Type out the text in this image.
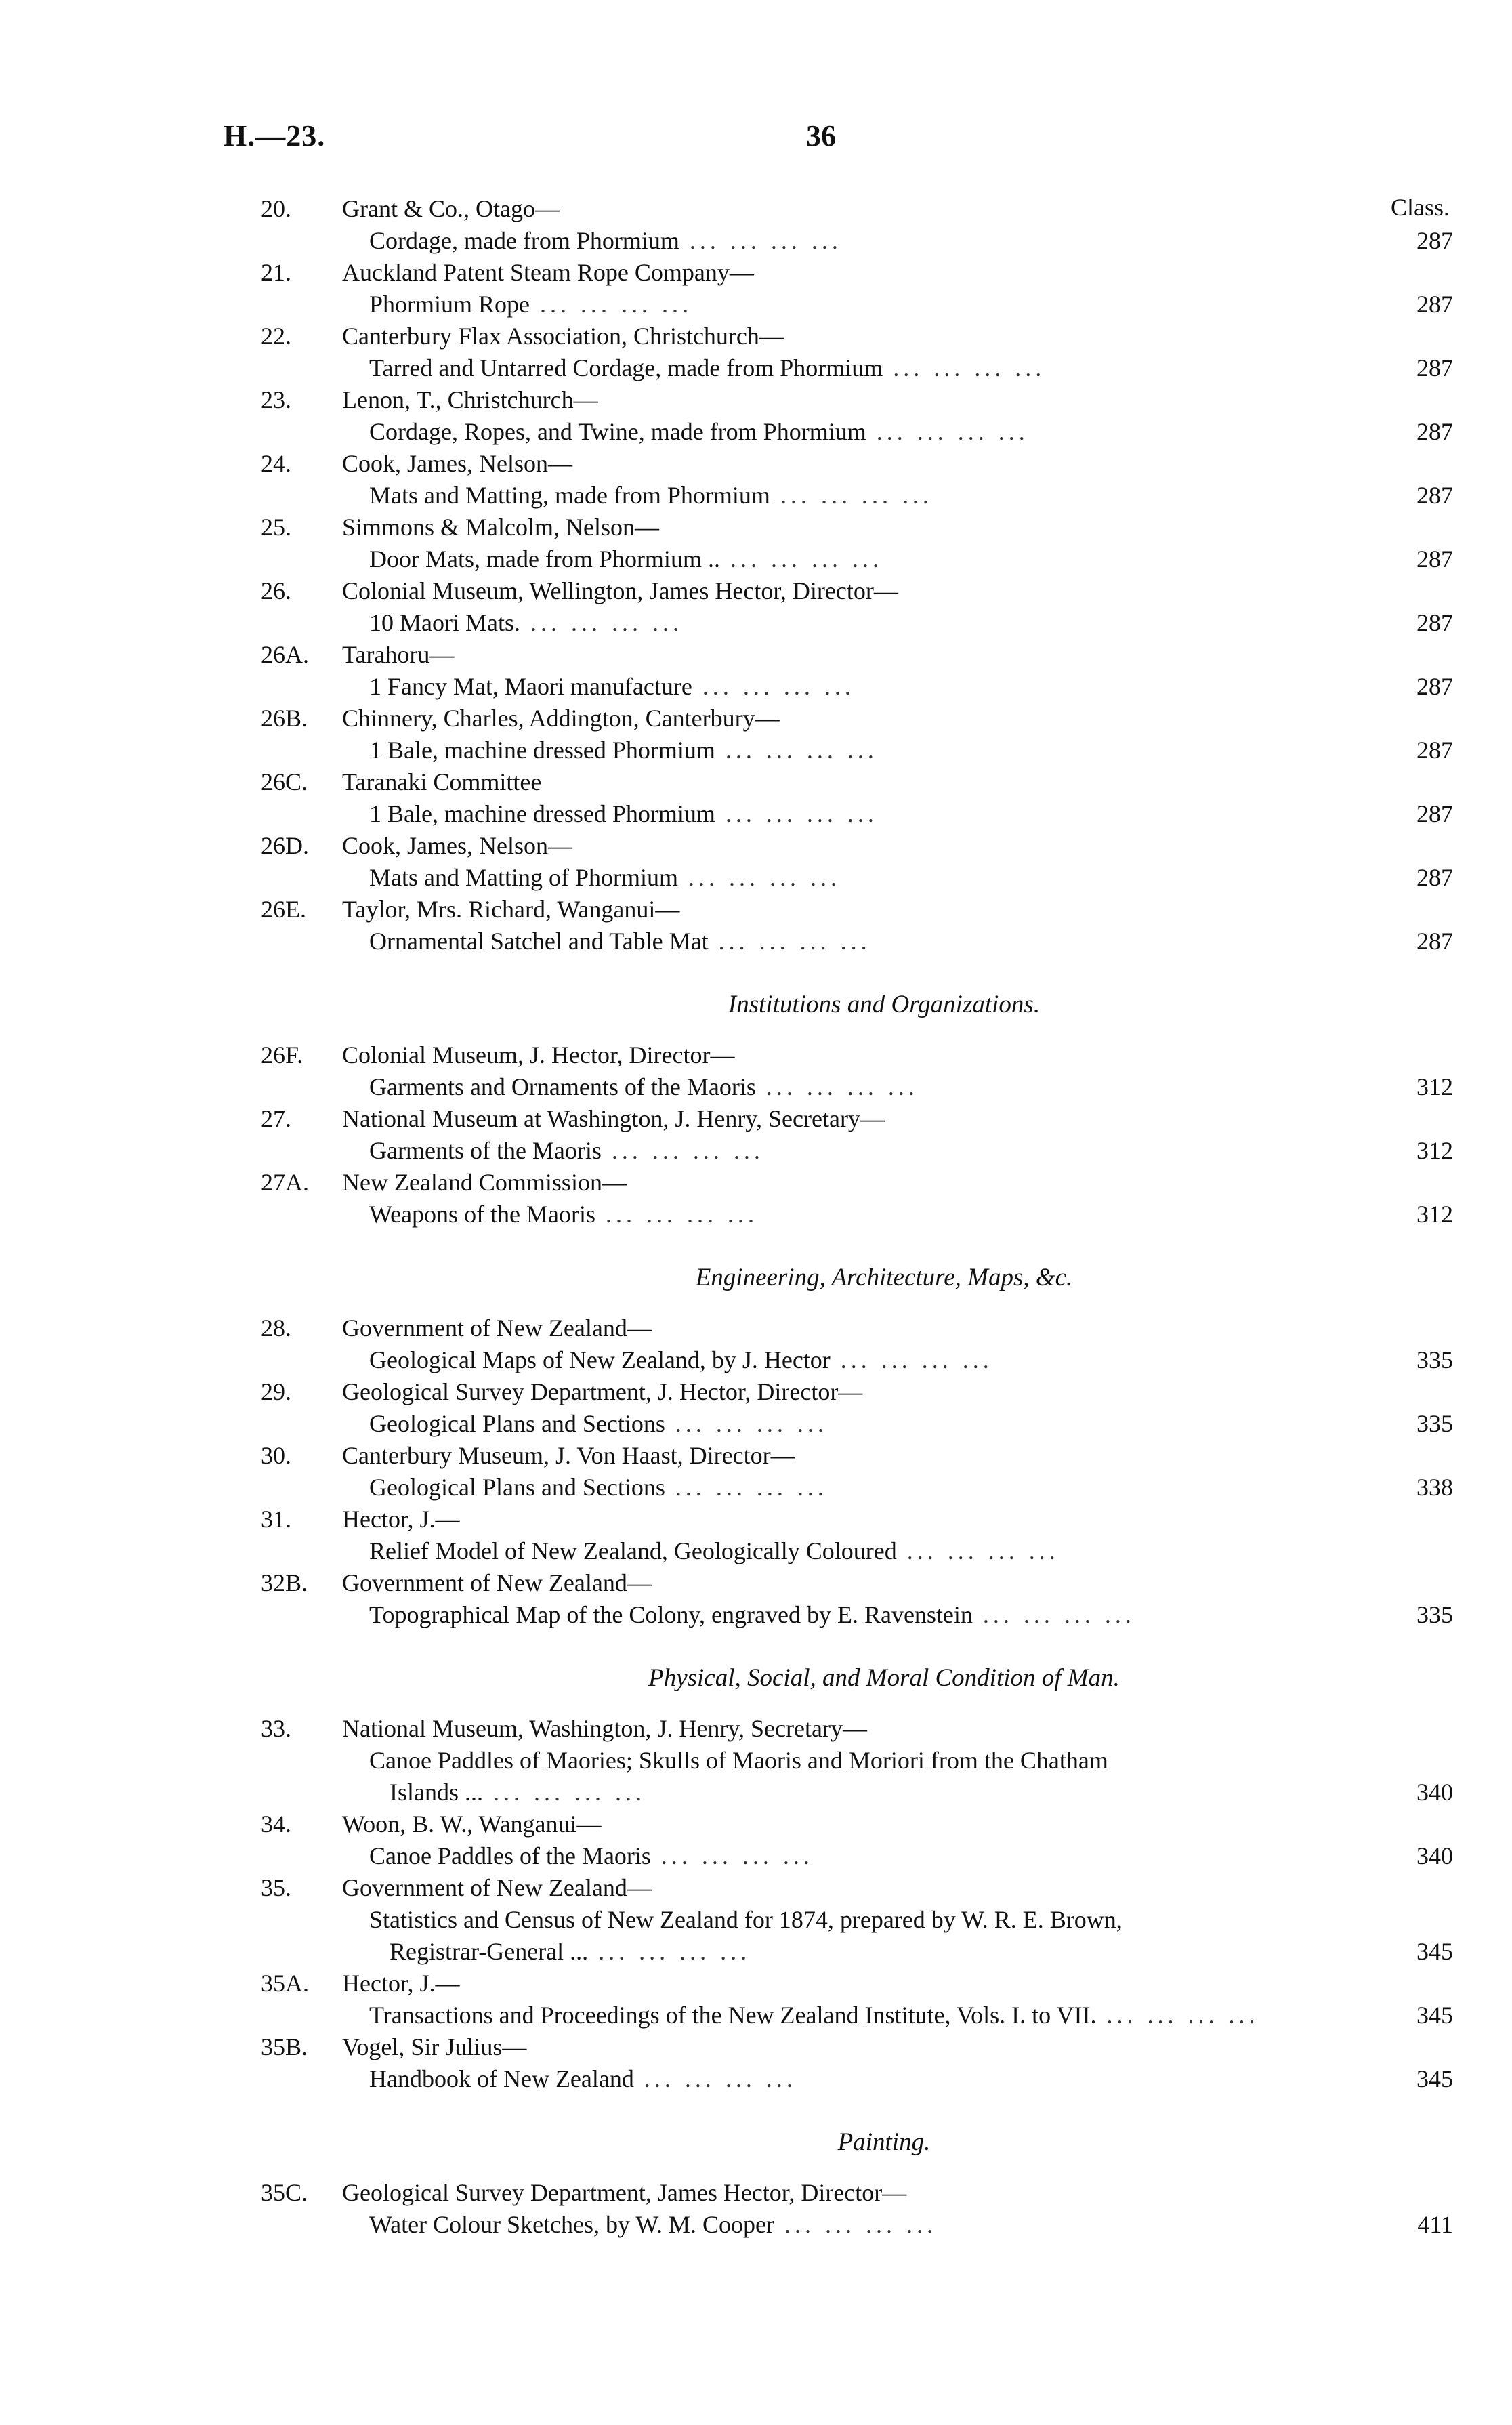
H.—23.	36
Class.
20. Grant & Co., Otago—
Cordage, made from Phormium ... ... ... ...	287
21. Auckland Patent Steam Rope Company—
Phormium Rope ... ... ... ...	287
22. Canterbury Flax Association, Christchurch—
Tarred and Untarred Cordage, made from Phormium ... ... ... ...	287
23. Lenon, T., Christchurch—
Cordage, Ropes, and Twine, made from Phormium ... ... ... ...	287
24. Cook, James, Nelson—
Mats and Matting, made from Phormium ... ... ... ...	287
25. Simmons & Malcolm, Nelson—
Door Mats, made from Phormium .. ... ... ... ...	287
26. Colonial Museum, Wellington, James Hector, Director—
10 Maori Mats. ... ... ... ...	287
26A. Tarahoru—
1 Fancy Mat, Maori manufacture ... ... ... ...	287
26B. Chinnery, Charles, Addington, Canterbury—
1 Bale, machine dressed Phormium ... ... ... ...	287
26C. Taranaki Committee
1 Bale, machine dressed Phormium ... ... ... ...	287
26D. Cook, James, Nelson—
Mats and Matting of Phormium ... ... ... ...	287
26E. Taylor, Mrs. Richard, Wanganui—
Ornamental Satchel and Table Mat ... ... ... ...	287
Institutions and Organizations.
26F. Colonial Museum, J. Hector, Director—
Garments and Ornaments of the Maoris ... ... ... ...	312
27. National Museum at Washington, J. Henry, Secretary—
Garments of the Maoris ... ... ... ...	312
27A. New Zealand Commission—
Weapons of the Maoris ... ... ... ...	312
Engineering, Architecture, Maps, &c.
28. Government of New Zealand—
Geological Maps of New Zealand, by J. Hector ... ... ... ...	335
29. Geological Survey Department, J. Hector, Director—
Geological Plans and Sections ... ... ... ...	335
30. Canterbury Museum, J. Von Haast, Director—
Geological Plans and Sections ... ... ... ...	338
31. Hector, J.—
Relief Model of New Zealand, Geologically Coloured ... ... ... ...
32B. Government of New Zealand—
Topographical Map of the Colony, engraved by E. Ravenstein ... ... ... ...	335
Physical, Social, and Moral Condition of Man.
33. National Museum, Washington, J. Henry, Secretary—
Canoe Paddles of Maories; Skulls of Maoris and Moriori from the Chatham
Islands ... ... ... ... ...	340
34. Woon, B. W., Wanganui—
Canoe Paddles of the Maoris ... ... ... ...	340
35. Government of New Zealand—
Statistics and Census of New Zealand for 1874, prepared by W. R. E. Brown,
Registrar-General ... ... ... ... ...	345
35A. Hector, J.—
Transactions and Proceedings of the New Zealand Institute, Vols. I. to VII. ... ... ... ...	345
35B. Vogel, Sir Julius—
Handbook of New Zealand ... ... ... ...	345
Painting.
35C. Geological Survey Department, James Hector, Director—
Water Colour Sketches, by W. M. Cooper ... ... ... ...	411
